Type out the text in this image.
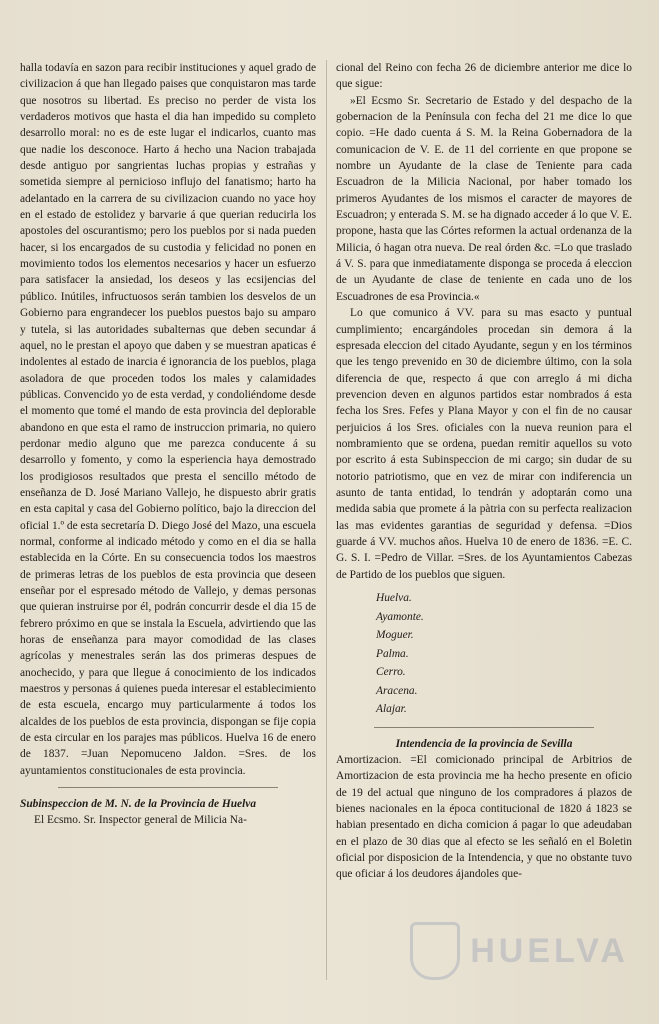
halla todavía en sazon para recibir instituciones y aquel grado de civilizacion á que han llegado paises que conquistaron mas tarde que nosotros su libertad. Es preciso no perder de vista los verdaderos motivos que hasta el dia han impedido su completo desarrollo moral: no es de este lugar el indicarlos, cuanto mas que nadie los desconoce. Harto á hecho una Nacion trabajada desde antiguo por sangrientas luchas propias y estrañas y sometida siempre al pernicioso influjo del fanatismo; harto ha adelantado en la carrera de su civilizacion cuando no yace hoy en el estado de estolidez y barvarie á que querian reducirla los apostoles del oscurantismo; pero los pueblos por si nada pueden hacer, si los encargados de su custodia y felicidad no ponen en movimiento todos los elementos necesarios y hacer un esfuerzo para satisfacer la ansiedad, los deseos y las ecsijencias del público. Inútiles, infructuosos serán tambien los desvelos de un Gobierno para engrandecer los pueblos puestos bajo su amparo y tutela, si las autoridades subalternas que deben secundar á aquel, no le prestan el apoyo que daben y se muestran apaticas é indolentes al estado de inarcia é ignorancia de los pueblos, plaga asoladora de que proceden todos los males y calamidades públicas. Convencido yo de esta verdad, y condoliéndome desde el momento que tomé el mando de esta provincia del deplorable abandono en que esta el ramo de instruccion primaria, no quiero perdonar medio alguno que me parezca conducente á su desarrollo y fomento, y como la esperiencia haya demostrado los prodigiosos resultados que presta el sencillo método de enseñanza de D. José Mariano Vallejo, he dispuesto abrir gratis en esta capital y casa del Gobierno político, bajo la direccion del oficial 1.º de esta secretaría D. Diego José del Mazo, una escuela normal, conforme al indicado método y como en el dia se halla establecida en la Córte. En su consecuencia todos los maestros de primeras letras de los pueblos de esta provincia que deseen enseñar por el espresado método de Vallejo, y demas personas que quieran instruirse por él, podrán concurrir desde el dia 15 de febrero próximo en que se instala la Escuela, advirtiendo que las horas de enseñanza para mayor comodidad de las clases agrícolas y menestrales serán las dos primeras despues de anochecido, y para que llegue á conocimiento de los indicados maestros y personas á quienes pueda interesar el establecimiento de esta escuela, encargo muy particularmente á todos los alcaldes de los pueblos de esta provincia, dispongan se fije copia de esta circular en los parajes mas públicos. Huelva 16 de enero de 1837. =Juan Nepomuceno Jaldon. =Sres. de los ayuntamientos constitucionales de esta provincia.

Subinspeccion de M. N. de la Provincia de Huelva

El Ecsmo. Sr. Inspector general de Milicia Na-

cional del Reino con fecha 26 de diciembre anterior me dice lo que sigue:

»El Ecsmo Sr. Secretario de Estado y del despacho de la gobernacion de la Península con fecha del 21 me dice lo que copio. =He dado cuenta á S. M. la Reina Gobernadora de la comunicacion de V. E. de 11 del corriente en que propone se nombre un Ayudante de la clase de Teniente para cada Escuadron de la Milicia Nacional, por haber tomado los primeros Ayudantes de los mismos el caracter de mayores de Escuadron; y enterada S. M. se ha dignado acceder á lo que V. E. propone, hasta que las Córtes reformen la actual ordenanza de la Milicia, ó hagan otra nueva. De real órden &c. =Lo que traslado á V. S. para que inmediatamente disponga se proceda á eleccion de un Ayudante de clase de teniente en cada uno de los Escuadrones de esa Provincia.«

Lo que comunico á VV. para su mas esacto y puntual cumplimiento; encargándoles procedan sin demora á la espresada eleccion del citado Ayudante, segun y en los términos que les tengo prevenido en 30 de diciembre último, con la sola diferencia de que, respecto á que con arreglo á mi dicha prevencion deven en algunos partidos estar nombrados á esta fecha los Sres. Fefes y Plana Mayor y con el fin de no causar perjuicios á los Sres. oficiales con la nueva reunion para el nombramiento que se ordena, puedan remitir aquellos su voto por escrito á esta Subinspeccion de mi cargo; sin dudar de su notorio patriotismo, que en vez de mirar con indiferencia un asunto de tanta entidad, lo tendrán y adoptarán como una medida sabia que promete á la pàtria con su perfecta realizacion las mas evidentes garantias de seguridad y defensa. =Dios guarde á VV. muchos años. Huelva 10 de enero de 1836. =E. C. G. S. I. =Pedro de Villar. =Sres. de los Ayuntamientos Cabezas de Partido de los pueblos que siguen.

Huelva.
Ayamonte.
Moguer.
Palma.
Cerro.
Aracena.
Alajar.

Intendencia de la provincia de Sevilla

Amortizacion. =El comicionado principal de Arbitrios de Amortizacion de esta provincia me ha hecho presente en oficio de 19 del actual que ninguno de los compradores á plazos de bienes nacionales en la época contitucional de 1820 á 1823 se habian presentado en dicha comicion á pagar lo que adeudaban en el plazo de 30 dias que al efecto se les señaló en el Boletin oficial por disposicion de la Intendencia, y que no obstante tuvo que oficiar á los deudores ájandoles que-

HUELVA
